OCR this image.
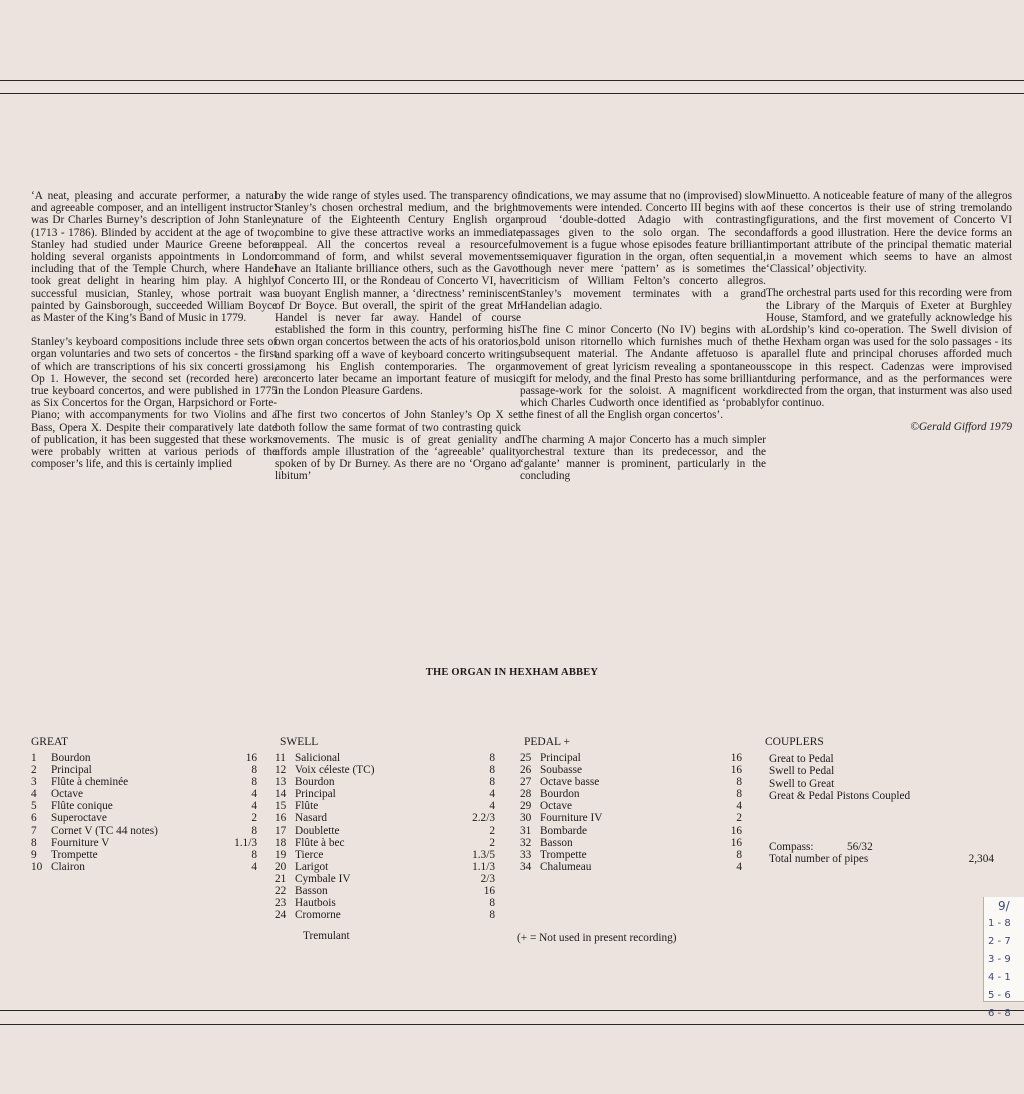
‘A neat, pleasing and accurate performer, a natural and agreeable composer, and an intelligent instructor’ was Dr Charles Burney’s description of John Stanley (1713 - 1786). Blinded by accident at the age of two, Stanley had studied under Maurice Greene before holding several organists appointments in London including that of the Temple Church, where Handel took great delight in hearing him play. A highly successful musician, Stanley, whose portrait was painted by Gainsborough, succeeded William Boyce as Master of the King’s Band of Music in 1779.

Stanley’s keyboard compositions include three sets of organ voluntaries and two sets of concertos - the first of which are transcriptions of his six concerti grossi, Op 1. However, the second set (recorded here) are true keyboard concertos, and were published in 1775 as Six Concertos for the Organ, Harpsichord or Forte-Piano; with accompanyments for two Violins and a Bass, Opera X. Despite their comparatively late date of publication, it has been suggested that these works were probably written at various periods of the composer’s life, and this is certainly implied

by the wide range of styles used. The transparency of Stanley’s chosen orchestral medium, and the bright nature of the Eighteenth Century English organ combine to give these attractive works an immediate appeal. All the concertos reveal a resourceful command of form, and whilst several movements have an Italiante brilliance others, such as the Gavot of Concerto III, or the Rondeau of Concerto VI, have a buoyant English manner, a ‘directness’ reminiscent of Dr Boyce. But overall, the spirit of the great Mr Handel is never far away. Handel of course established the form in this country, performing his own organ concertos between the acts of his oratorios, and sparking off a wave of keyboard concerto writing among his English contemporaries. The organ concerto later became an important feature of music in the London Pleasure Gardens.

The first two concertos of John Stanley’s Op X set both follow the same format of two contrasting quick movements. The music is of great geniality and affords ample illustration of the ‘agreeable’ quality spoken of by Dr Burney. As there are no ‘Organo ad libitum’

indications, we may assume that no (improvised) slow movements were intended. Concerto III begins with a proud ‘double-dotted Adagio with contrasting passages given to the solo organ. The second movement is a fugue whose episodes feature brilliant semiquaver figuration in the organ, often sequential, though never mere ‘pattern’ as is sometimes the criticism of William Felton’s concerto allegros. Stanley’s movement terminates with a grand Handelian adagio.

The fine C minor Concerto (No IV) begins with a bold unison ritornello which furnishes much of the subsequent material. The Andante affetuoso is a movement of great lyricism revealing a spontaneous gift for melody, and the final Presto has some brilliant passage-work for the soloist. A magnificent work which Charles Cudworth once identified as ‘probably the finest of all the English organ concertos’.

The charming A major Concerto has a much simpler orchestral texture than its predecessor, and the ‘galante’ manner is prominent, particularly in the concluding

Minuetto. A noticeable feature of many of the allegros of these concertos is their use of string tremolando figurations, and the first movement of Concerto VI affords a good illustration. Here the device forms an important attribute of the principal thematic material in a movement which seems to have an almost ‘Classical’ objectivity.

The orchestral parts used for this recording were from the Library of the Marquis of Exeter at Burghley House, Stamford, and we gratefully acknowledge his Lordship’s kind co-operation. The Swell division of the Hexham organ was used for the solo passages - its parallel flute and principal choruses afforded much scope in this respect. Cadenzas were improvised during performance, and as the performances were directed from the organ, that insturment was also used for continuo.

©Gerald Gifford 1979
THE ORGAN IN HEXHAM ABBEY
GREAT
1	Bourdon	16
2	Principal	8
3	Flûte à cheminée	8
4	Octave	4
5	Flûte conique	4
6	Superoctave	2
7	Cornet V (TC 44 notes)	8
8	Fourniture V	1.1/3
9	Trompette	8
10 Clairon	4
SWELL
11 Salicional	8
12 Voix céleste (TC)	8
13 Bourdon	8
14 Principal	4
15 Flûte	4
16 Nasard	2.2/3
17 Doublette	2
18 Flûte à bec	2
19 Tierce	1.3/5
20 Larigot	1.1/3
21 Cymbale IV	2/3
22 Basson	16
23 Hautbois	8
24 Cromorne	8
Tremulant
PEDAL +
25 Principal	16
26 Soubasse	16
27 Octave basse	8
28 Bourdon	8
29 Octave	4
30 Fourniture IV	2
31 Bombarde	16
32 Basson	16
33 Trompette	8
34 Chalumeau	4
(+ = Not used in present recording)
COUPLERS
Great to Pedal
Swell to Pedal
Swell to Great
Great & Pedal Pistons Coupled
Compass:	56/32
Total number of pipes	2,304
9/
1 - 8
2 - 7
3 - 9
4 - 1
5 - 6
6 - 8
